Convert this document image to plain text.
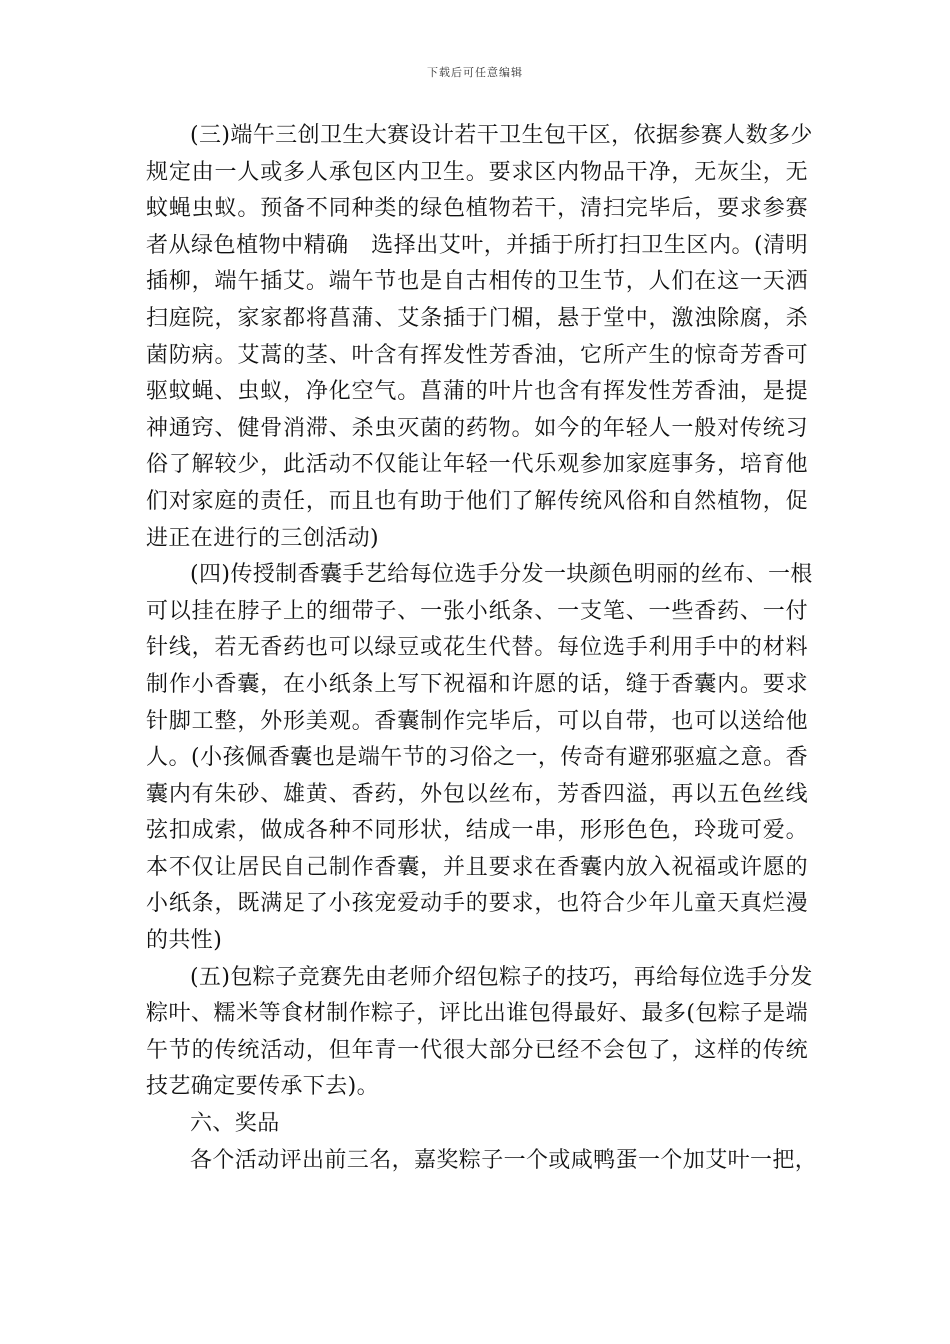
下载后可任意编辑
(三)端午三创卫生大赛设计若干卫生包干区，依据参赛人数多少
规定由一人或多人承包区内卫生。要求区内物品干净，无灰尘，无
蚊蝇虫蚁。预备不同种类的绿色植物若干，清扫完毕后，要求参赛
者从绿色植物中精确　选择出艾叶，并插于所打扫卫生区内。(清明
插柳，端午插艾。端午节也是自古相传的卫生节，人们在这一天洒
扫庭院，家家都将菖蒲、艾条插于门楣，悬于堂中，激浊除腐，杀
菌防病。艾蒿的茎、叶含有挥发性芳香油，它所产生的惊奇芳香可
驱蚊蝇、虫蚁，净化空气。菖蒲的叶片也含有挥发性芳香油，是提
神通窍、健骨消滞、杀虫灭菌的药物。如今的年轻人一般对传统习
俗了解较少，此活动不仅能让年轻一代乐观参加家庭事务，培育他
们对家庭的责任，而且也有助于他们了解传统风俗和自然植物，促
进正在进行的三创活动)
(四)传授制香囊手艺给每位选手分发一块颜色明丽的丝布、一根
可以挂在脖子上的细带子、一张小纸条、一支笔、一些香药、一付
针线，若无香药也可以绿豆或花生代替。每位选手利用手中的材料
制作小香囊，在小纸条上写下祝福和许愿的话，缝于香囊内。要求
针脚工整，外形美观。香囊制作完毕后，可以自带，也可以送给他
人。(小孩佩香囊也是端午节的习俗之一，传奇有避邪驱瘟之意。香
囊内有朱砂、雄黄、香药，外包以丝布，芳香四溢，再以五色丝线
弦扣成索，做成各种不同形状，结成一串，形形色色，玲珑可爱。
本不仅让居民自己制作香囊，并且要求在香囊内放入祝福或许愿的
小纸条，既满足了小孩宠爱动手的要求，也符合少年儿童天真烂漫
的共性)
(五)包粽子竞赛先由老师介绍包粽子的技巧，再给每位选手分发
粽叶、糯米等食材制作粽子，评比出谁包得最好、最多(包粽子是端
午节的传统活动，但年青一代很大部分已经不会包了，这样的传统
技艺确定要传承下去)。
六、奖品
各个活动评出前三名，嘉奖粽子一个或咸鸭蛋一个加艾叶一把，
